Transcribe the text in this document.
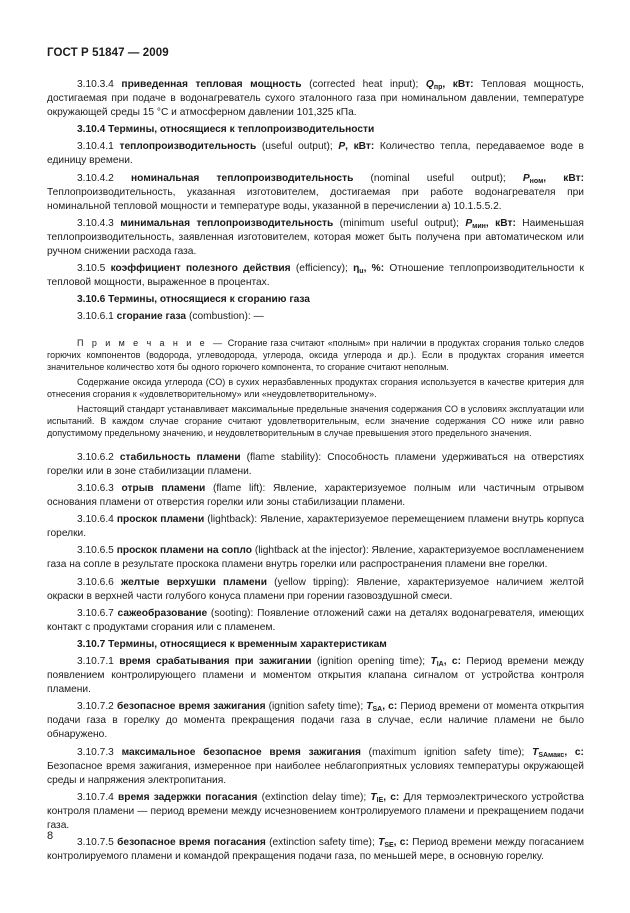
ГОСТ Р 51847 — 2009

3.10.3.4 приведенная тепловая мощность (corrected heat input); $Q_{пр}$, кВт: Тепловая мощность, достигаемая при подаче в водонагреватель сухого эталонного газа при номинальном давлении, температуре окружающей среды 15 °C и атмосферном давлении 101,325 кПа.

3.10.4 Термины, относящиеся к теплопроизводительности

3.10.4.1 теплопроизводительность (useful output); P, кВт: Количество тепла, передаваемое воде в единицу времени.

3.10.4.2 номинальная теплопроизводительность (nominal useful output); $P_{ном}$, кВт: Теплопроизводительность, указанная изготовителем, достигаемая при работе водонагревателя при номинальной тепловой мощности и температуре воды, указанной в перечислении а) 10.1.5.5.2.

3.10.4.3 минимальная теплопроизводительность (minimum useful output); $P_{мин}$, кВт: Наименьшая теплопроизводительность, заявленная изготовителем, которая может быть получена при автоматическом или ручном снижении расхода газа.

3.10.5 коэффициент полезного действия (efficiency); $\eta_u$, %: Отношение теплопроизводительности к тепловой мощности, выраженное в процентах.

3.10.6 Термины, относящиеся к сгоранию газа

3.10.6.1 сгорание газа (combustion): —

П р и м е ч а н и е — Сгорание газа считают «полным» при наличии в продуктах сгорания только следов горючих компонентов (водорода, углеводорода, углерода, оксида углерода и др.). Если в продуктах сгорания имеется значительное количество хотя бы одного горючего компонента, то сгорание считают неполным.

Содержание оксида углерода (CO) в сухих неразбавленных продуктах сгорания используется в качестве критерия для отнесения сгорания к «удовлетворительному» или «неудовлетворительному».

Настоящий стандарт устанавливает максимальные предельные значения содержания CO в условиях эксплуатации или испытаний. В каждом случае сгорание считают удовлетворительным, если значение содержания CO ниже или равно допустимому предельному значению, и неудовлетворительным в случае превышения этого предельного значения.

3.10.6.2 стабильность пламени (flame stability): Способность пламени удерживаться на отверстиях горелки или в зоне стабилизации пламени.

3.10.6.3 отрыв пламени (flame lift): Явление, характеризуемое полным или частичным отрывом основания пламени от отверстия горелки или зоны стабилизации пламени.

3.10.6.4 проскок пламени (lightback): Явление, характеризуемое перемещением пламени внутрь корпуса горелки.

3.10.6.5 проскок пламени на сопло (lightback at the injector): Явление, характеризуемое воспламенением газа на сопле в результате проскока пламени внутрь горелки или распространения пламени вне горелки.

3.10.6.6 желтые верхушки пламени (yellow tipping): Явление, характеризуемое наличием желтой окраски в верхней части голубого конуса пламени при горении газовоздушной смеси.

3.10.6.7 сажеобразование (sooting): Появление отложений сажи на деталях водонагревателя, имеющих контакт с продуктами сгорания или с пламенем.

3.10.7 Термины, относящиеся к временным характеристикам

3.10.7.1 время срабатывания при зажигании (ignition opening time); $T_{IA}$, с: Период времени между появлением контролирующего пламени и моментом открытия клапана сигналом от устройства контроля пламени.

3.10.7.2 безопасное время зажигания (ignition safety time); $T_{SA}$, с: Период времени от момента открытия подачи газа в горелку до момента прекращения подачи газа в случае, если наличие пламени не было обнаружено.

3.10.7.3 максимальное безопасное время зажигания (maximum ignition safety time); $T_{SAмакс}$, с: Безопасное время зажигания, измеренное при наиболее неблагоприятных условиях температуры окружающей среды и напряжения электропитания.

3.10.7.4 время задержки погасания (extinction delay time); $T_{IE}$, с: Для термоэлектрического устройства контроля пламени — период времени между исчезновением контролируемого пламени и прекращением подачи газа.

3.10.7.5 безопасное время погасания (extinction safety time); $T_{SE}$, с: Период времени между погасанием контролируемого пламени и командой прекращения подачи газа, по меньшей мере, в основную горелку.

8
